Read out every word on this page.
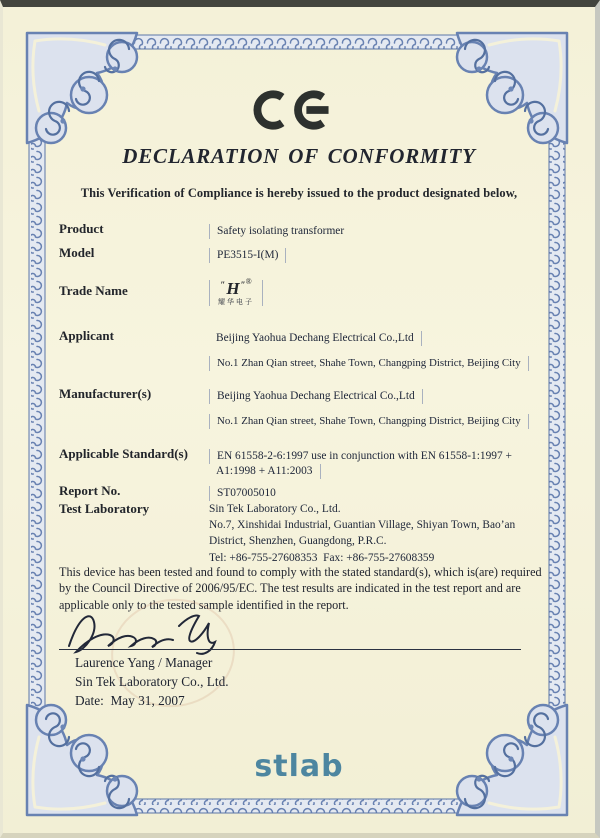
DECLARATION OF CONFORMITY
This Verification of Compliance is hereby issued to the product designated below,
Product	Safety isolating transformer
Model	PE3515-I(M)
Trade Name	″ H ″ ®
耀华电子
Applicant	Beijing Yaohua Dechang Electrical Co.,Ltd
No.1 Zhan Qian street, Shahe Town, Changping District, Beijing City
Manufacturer(s)	Beijing Yaohua Dechang Electrical Co.,Ltd
No.1 Zhan Qian street, Shahe Town, Changping District, Beijing City
Applicable Standard(s)	EN 61558-2-6:1997 use in conjunction with EN 61558-1:1997 +
A1:1998 + A11:2003
Report No.	ST07005010
Test Laboratory	Sin Tek Laboratory Co., Ltd.
No.7, Xinshidai Industrial, Guantian Village, Shiyan Town, Bao’an District, Shenzhen, Guangdong, P.R.C.
Tel: +86-755-27608353  Fax: +86-755-27608359
This device has been tested and found to comply with the stated standard(s), which is(are) required by the Council Directive of 2006/95/EC. The test results are indicated in the test report and are applicable only to the tested sample identified in the report.
Laurence Yang / Manager
Sin Tek Laboratory Co., Ltd.
Date:  May 31, 2007
stlab
